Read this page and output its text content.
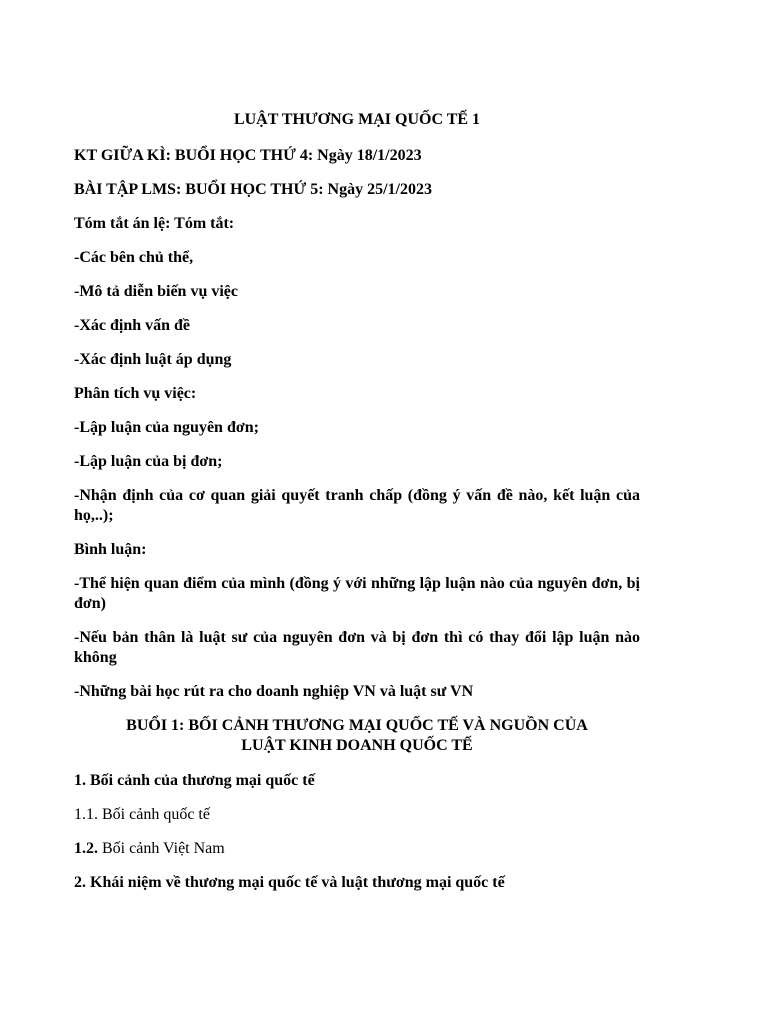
LUẬT THƯƠNG MẠI QUỐC TẾ 1

KT GIỮA KÌ: BUỔI HỌC THỨ 4: Ngày 18/1/2023

BÀI TẬP LMS: BUỔI HỌC THỨ 5: Ngày 25/1/2023

Tóm tắt án lệ: Tóm tắt:

-Các bên chủ thể,

-Mô tả diễn biến vụ việc

-Xác định vấn đề

-Xác định luật áp dụng

Phân tích vụ việc:

-Lập luận của nguyên đơn;

-Lập luận của bị đơn;

-Nhận định của cơ quan giải quyết tranh chấp (đồng ý vấn đề nào, kết luận của họ,..);

Bình luận:

-Thể hiện quan điểm của mình (đồng ý với những lập luận nào của nguyên đơn, bị đơn)

-Nếu bản thân là luật sư của nguyên đơn và bị đơn thì có thay đổi lập luận nào không

-Những bài học rút ra cho doanh nghiệp VN và luật sư VN

BUỔI 1: BỐI CẢNH THƯƠNG MẠI QUỐC TẾ VÀ NGUỒN CỦA

LUẬT KINH DOANH QUỐC TẾ

1. Bối cảnh của thương mại quốc tế

1.1. Bối cảnh quốc tế

1.2. Bối cảnh Việt Nam

2. Khái niệm về thương mại quốc tế và luật thương mại quốc tế
